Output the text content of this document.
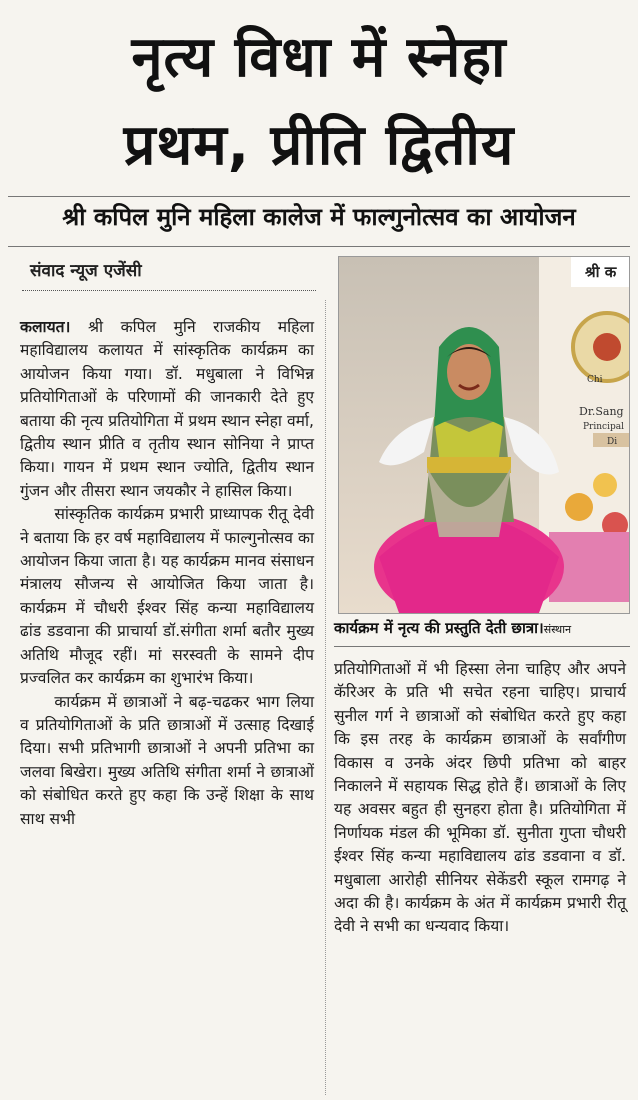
नृत्य विधा में स्नेहा
प्रथम, प्रीति द्वितीय
श्री कपिल मुनि महिला कालेज में फाल्गुनोत्सव का आयोजन
संवाद न्यूज एजेंसी

कलायत। श्री कपिल मुनि राजकीय महिला महाविद्यालय कलायत में सांस्कृतिक कार्यक्रम का आयोजन किया गया। डॉ. मधुबाला ने विभिन्न प्रतियोगिताओं के परिणामों की जानकारी देते हुए बताया की नृत्य प्रतियोगिता में प्रथम स्थान स्नेहा वर्मा, द्वितीय स्थान प्रीति व तृतीय स्थान सोनिया ने प्राप्त किया। गायन में प्रथम स्थान ज्योति, द्वितीय स्थान गुंजन और तीसरा स्थान जयकौर ने हासिल किया।

सांस्कृतिक कार्यक्रम प्रभारी प्राध्यापक रीतू देवी ने बताया कि हर वर्ष महाविद्यालय में फाल्गुनोत्सव का आयोजन किया जाता है। यह कार्यक्रम मानव संसाधन मंत्रालय सौजन्य से आयोजित किया जाता है। कार्यक्रम में चौधरी ईश्वर सिंह कन्या महाविद्यालय ढांड डडवाना की प्राचार्या डॉ.संगीता शर्मा बतौर मुख्य अतिथि मौजूद रहीं। मां सरस्वती के सामने दीप प्रज्वलित कर कार्यक्रम का शुभारंभ किया।

कार्यक्रम में छात्राओं ने बढ़-चढकर भाग लिया व प्रतियोगिताओं के प्रति छात्राओं में उत्साह दिखाई दिया। सभी प्रतिभागी छात्राओं ने अपनी प्रतिभा का जलवा बिखेरा। मुख्य अतिथि संगीता शर्मा ने छात्राओं को संबोधित करते हुए कहा कि उन्हें शिक्षा के साथ साथ सभी

श्री क
Chi
Dr.Sang
Principal
Di
कार्यक्रम में नृत्य की प्रस्तुति देती छात्रा।संस्थान

प्रतियोगिताओं में भी हिस्सा लेना चाहिए और अपने कॅरिअर के प्रति भी सचेत रहना चाहिए। प्राचार्य सुनील गर्ग ने छात्राओं को संबोधित करते हुए कहा कि इस तरह के कार्यक्रम छात्राओं के सर्वांगीण विकास व उनके अंदर छिपी प्रतिभा को बाहर निकालने में सहायक सिद्ध होते हैं। छात्राओं के लिए यह अवसर बहुत ही सुनहरा होता है। प्रतियोगिता में निर्णायक मंडल की भूमिका डॉ. सुनीता गुप्ता चौधरी ईश्वर सिंह कन्या महाविद्यालय ढांड डडवाना व डॉ. मधुबाला आरोही सीनियर सेकेंडरी स्कूल रामगढ़ ने अदा की है। कार्यक्रम के अंत में कार्यक्रम प्रभारी रीतू देवी ने सभी का धन्यवाद किया।
